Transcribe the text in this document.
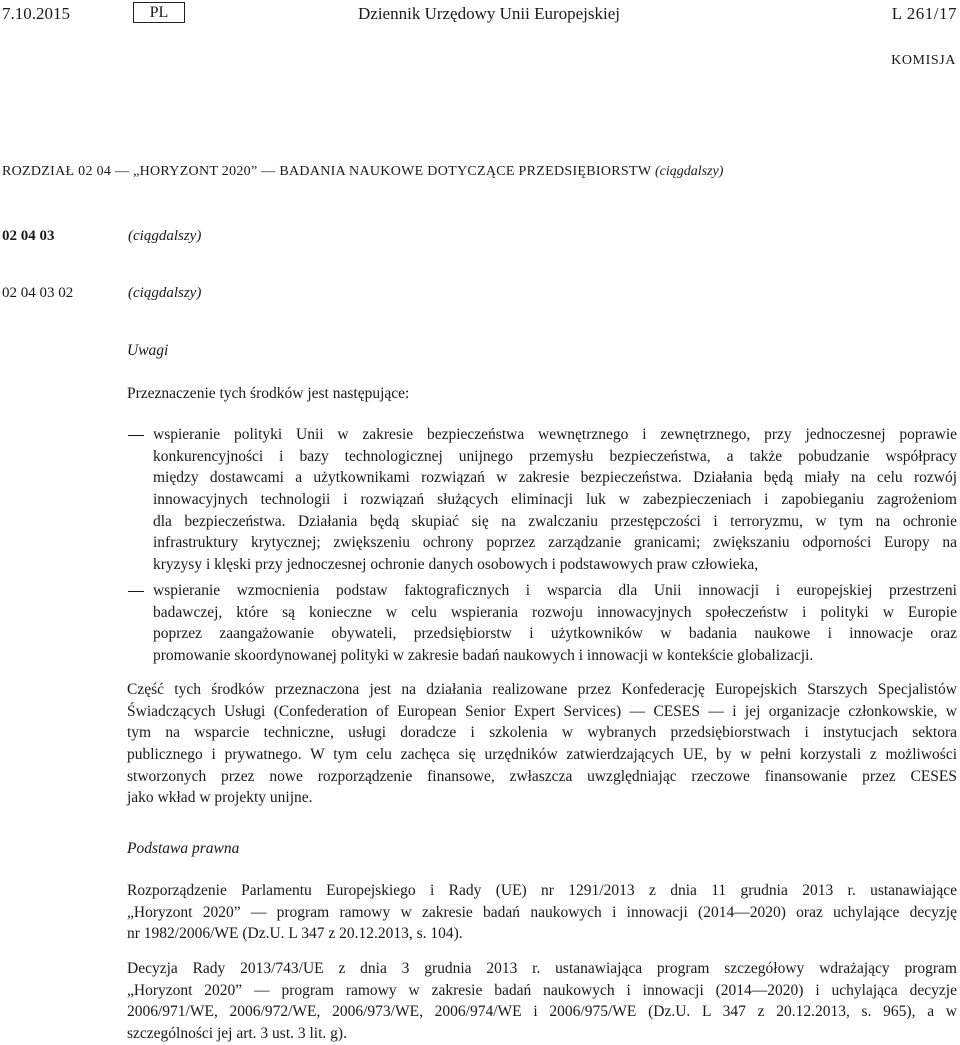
7.10.2015	PL	Dziennik Urzędowy Unii Europejskiej	L 261/17
KOMISJA
ROZDZIAŁ 02 04 — „HORYZONT 2020” — BADANIA NAUKOWE DOTYCZĄCE PRZEDSIĘBIORSTW (ciągdalszy)
02 04 03	(ciągdalszy)
02 04 03 02	(ciągdalszy)
Uwagi
Przeznaczenie tych środków jest następujące:
wspieranie polityki Unii w zakresie bezpieczeństwa wewnętrznego i zewnętrznego, przy jednoczesnej poprawie
konkurencyjności i bazy technologicznej unijnego przemysłu bezpieczeństwa, a także pobudzanie współpracy
między dostawcami a użytkownikami rozwiązań w zakresie bezpieczeństwa. Działania będą miały na celu rozwój
innowacyjnych technologii i rozwiązań służących eliminacji luk w zabezpieczeniach i zapobieganiu zagrożeniom
dla bezpieczeństwa. Działania będą skupiać się na zwalczaniu przestępczości i terroryzmu, w tym na ochronie
infrastruktury krytycznej; zwiększeniu ochrony poprzez zarządzanie granicami; zwiększaniu odporności Europy na
kryzysy i klęski przy jednoczesnej ochronie danych osobowych i podstawowych praw człowieka,
wspieranie wzmocnienia podstaw faktograficznych i wsparcia dla Unii innowacji i europejskiej przestrzeni
badawczej, które są konieczne w celu wspierania rozwoju innowacyjnych społeczeństw i polityki w Europie
poprzez zaangażowanie obywateli, przedsiębiorstw i użytkowników w badania naukowe i innowacje oraz
promowanie skoordynowanej polityki w zakresie badań naukowych i innowacji w kontekście globalizacji.
Część tych środków przeznaczona jest na działania realizowane przez Konfederację Europejskich Starszych Specjalistów
Świadczących Usługi (Confederation of European Senior Expert Services) — CESES — i jej organizacje członkowskie, w
tym na wsparcie techniczne, usługi doradcze i szkolenia w wybranych przedsiębiorstwach i instytucjach sektora
publicznego i prywatnego. W tym celu zachęca się urzędników zatwierdzających UE, by w pełni korzystali z możliwości
stworzonych przez nowe rozporządzenie finansowe, zwłaszcza uwzględniając rzeczowe finansowanie przez CESES
jako wkład w projekty unijne.
Podstawa prawna
Rozporządzenie Parlamentu Europejskiego i Rady (UE) nr 1291/2013 z dnia 11 grudnia 2013 r. ustanawiające
„Horyzont 2020” — program ramowy w zakresie badań naukowych i innowacji (2014—2020) oraz uchylające decyzję
nr 1982/2006/WE (Dz.U. L 347 z 20.12.2013, s. 104).
Decyzja Rady 2013/743/UE z dnia 3 grudnia 2013 r. ustanawiająca program szczegółowy wdrażający program
„Horyzont 2020” — program ramowy w zakresie badań naukowych i innowacji (2014—2020) i uchylająca decyzje
2006/971/WE, 2006/972/WE, 2006/973/WE, 2006/974/WE i 2006/975/WE (Dz.U. L 347 z 20.12.2013, s. 965), a w
szczególności jej art. 3 ust. 3 lit. g).
